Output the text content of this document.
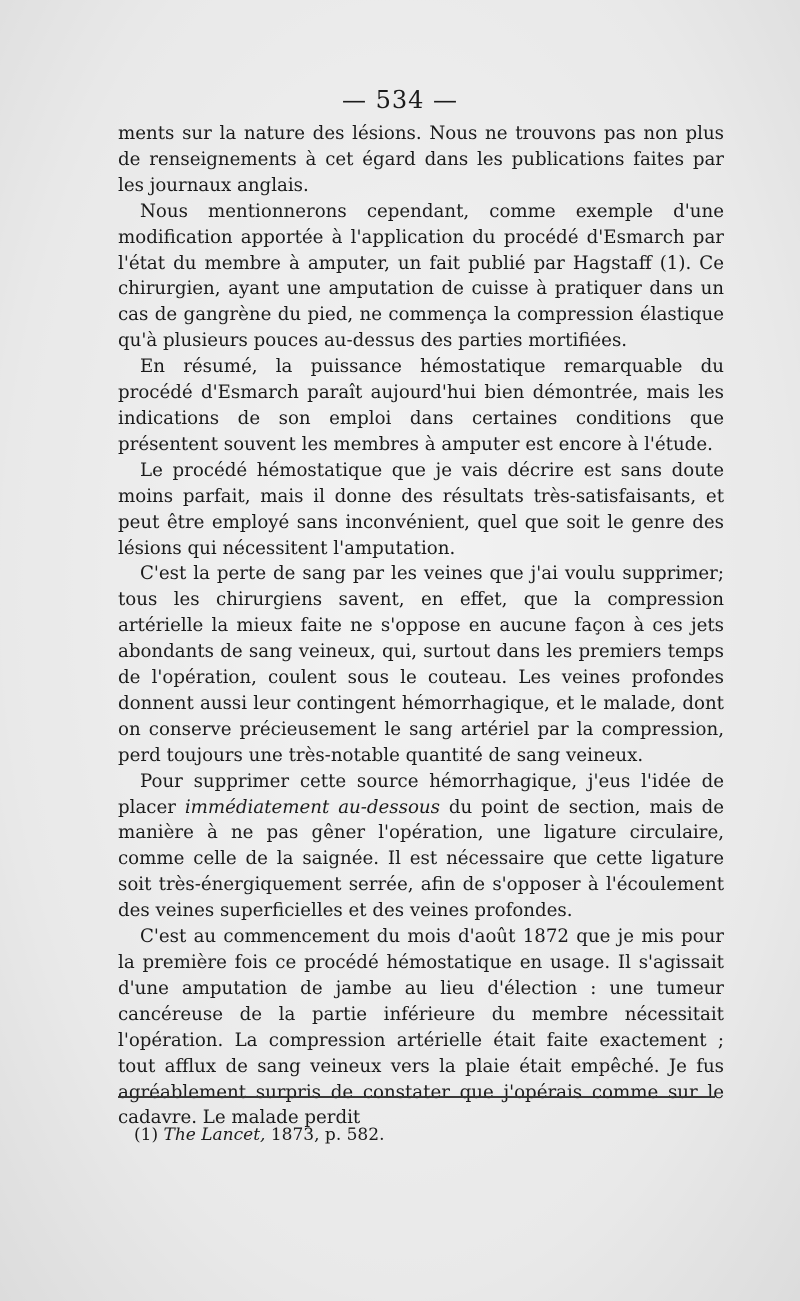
— 534 —

ments sur la nature des lésions. Nous ne trouvons pas non plus de renseignements à cet égard dans les publications faites par les journaux anglais.

Nous mentionnerons cependant, comme exemple d'une modification apportée à l'application du procédé d'Esmarch par l'état du membre à amputer, un fait publié par Hagstaff (1). Ce chirurgien, ayant une amputation de cuisse à pratiquer dans un cas de gangrène du pied, ne commença la compression élastique qu'à plusieurs pouces au-dessus des parties mortifiées.

En résumé, la puissance hémostatique remarquable du procédé d'Esmarch paraît aujourd'hui bien démontrée, mais les indications de son emploi dans certaines conditions que présentent souvent les membres à amputer est encore à l'étude.

Le procédé hémostatique que je vais décrire est sans doute moins parfait, mais il donne des résultats très-satisfaisants, et peut être employé sans inconvénient, quel que soit le genre des lésions qui nécessitent l'amputation.

C'est la perte de sang par les veines que j'ai voulu supprimer; tous les chirurgiens savent, en effet, que la compression artérielle la mieux faite ne s'oppose en aucune façon à ces jets abondants de sang veineux, qui, surtout dans les premiers temps de l'opération, coulent sous le couteau. Les veines profondes donnent aussi leur contingent hémorrhagique, et le malade, dont on conserve précieusement le sang artériel par la compression, perd toujours une très-notable quantité de sang veineux.

Pour supprimer cette source hémorrhagique, j'eus l'idée de placer immédiatement au-dessous du point de section, mais de manière à ne pas gêner l'opération, une ligature circulaire, comme celle de la saignée. Il est nécessaire que cette ligature soit très-énergiquement serrée, afin de s'opposer à l'écoulement des veines superficielles et des veines profondes.

C'est au commencement du mois d'août 1872 que je mis pour la première fois ce procédé hémostatique en usage. Il s'agissait d'une amputation de jambe au lieu d'élection : une tumeur cancéreuse de la partie inférieure du membre nécessitait l'opération. La compression artérielle était faite exactement ; tout afflux de sang veineux vers la plaie était empêché. Je fus agréablement surpris de constater que j'opérais comme sur le cadavre. Le malade perdit

(1) The Lancet, 1873, p. 582.
